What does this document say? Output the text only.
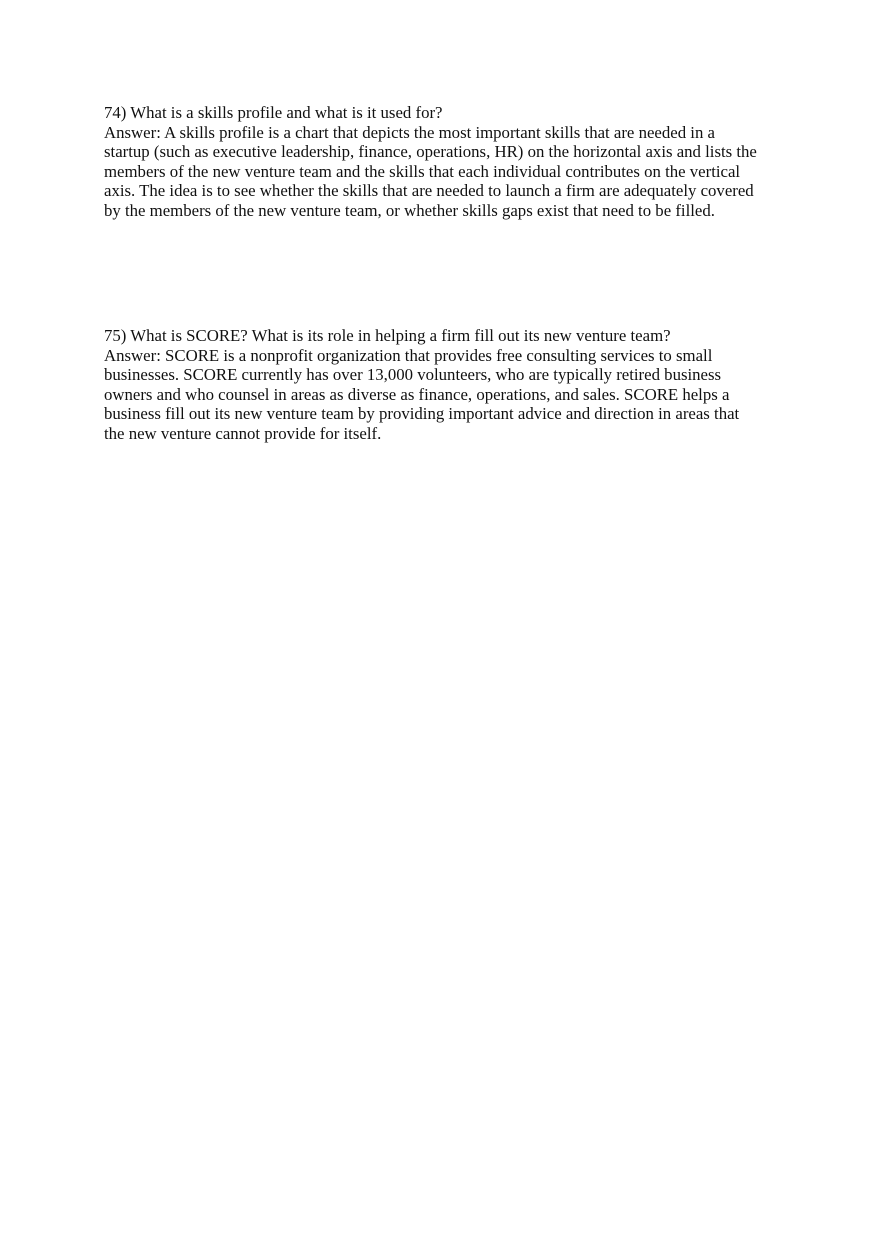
74) What is a skills profile and what is it used for?
Answer: A skills profile is a chart that depicts the most important skills that are needed in a
startup (such as executive leadership, finance, operations, HR) on the horizontal axis and lists the
members of the new venture team and the skills that each individual contributes on the vertical
axis. The idea is to see whether the skills that are needed to launch a firm are adequately covered
by the members of the new venture team, or whether skills gaps exist that need to be filled.
75) What is SCORE? What is its role in helping a firm fill out its new venture team?
Answer: SCORE is a nonprofit organization that provides free consulting services to small
businesses. SCORE currently has over 13,000 volunteers, who are typically retired business
owners and who counsel in areas as diverse as finance, operations, and sales. SCORE helps a
business fill out its new venture team by providing important advice and direction in areas that
the new venture cannot provide for itself.
